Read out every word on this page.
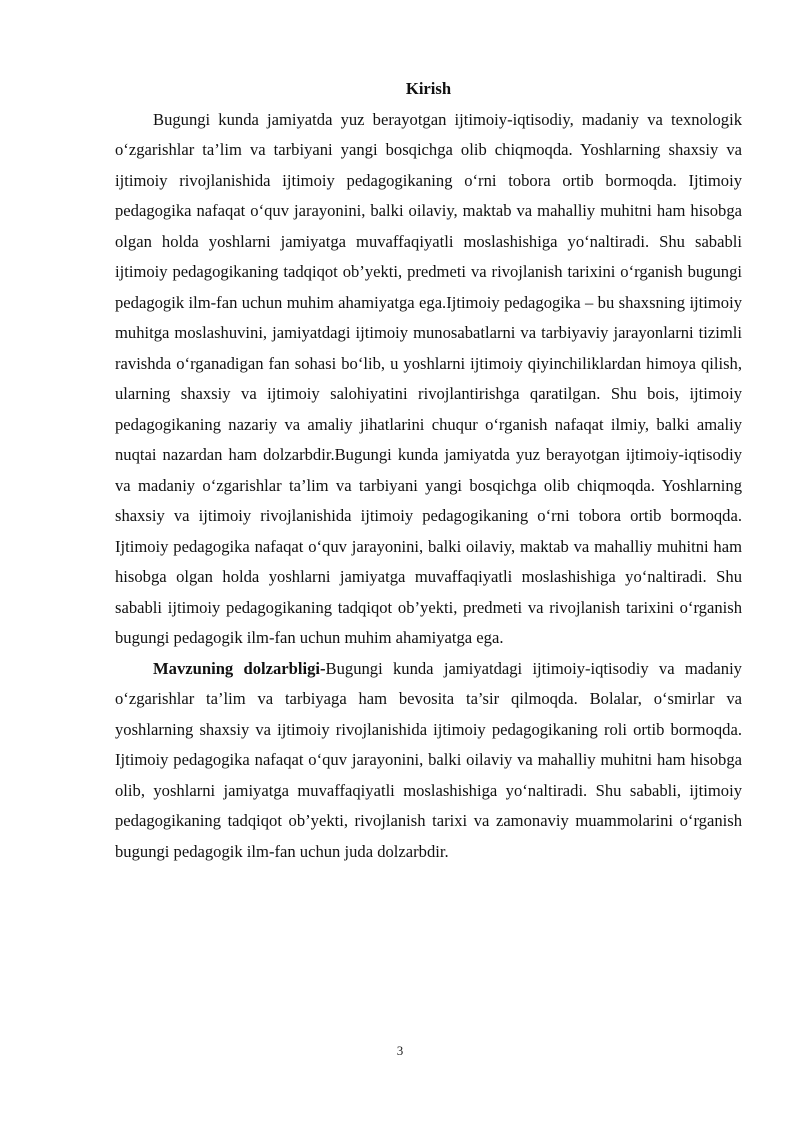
Kirish

Bugungi kunda jamiyatda yuz berayotgan ijtimoiy-iqtisodiy, madaniy va texnologik o‘zgarishlar ta’lim va tarbiyani yangi bosqichga olib chiqmoqda. Yoshlarning shaxsiy va ijtimoiy rivojlanishida ijtimoiy pedagogikaning o‘rni tobora ortib bormoqda. Ijtimoiy pedagogika nafaqat o‘quv jarayonini, balki oilaviy, maktab va mahalliy muhitni ham hisobga olgan holda yoshlarni jamiyatga muvaffaqiyatli moslashishiga yo‘naltiradi. Shu sababli ijtimoiy pedagogikaning tadqiqot ob’yekti, predmeti va rivojlanish tarixini o‘rganish bugungi pedagogik ilm-fan uchun muhim ahamiyatga ega.Ijtimoiy pedagogika – bu shaxsning ijtimoiy muhitga moslashuvini, jamiyatdagi ijtimoiy munosabatlarni va tarbiyaviy jarayonlarni tizimli ravishda o‘rganadigan fan sohasi bo‘lib, u yoshlarni ijtimoiy qiyinchiliklardan himoya qilish, ularning shaxsiy va ijtimoiy salohiyatini rivojlantirishga qaratilgan. Shu bois, ijtimoiy pedagogikaning nazariy va amaliy jihatlarini chuqur o‘rganish nafaqat ilmiy, balki amaliy nuqtai nazardan ham dolzarbdir.Bugungi kunda jamiyatda yuz berayotgan ijtimoiy-iqtisodiy va madaniy o‘zgarishlar ta’lim va tarbiyani yangi bosqichga olib chiqmoqda. Yoshlarning shaxsiy va ijtimoiy rivojlanishida ijtimoiy pedagogikaning o‘rni tobora ortib bormoqda. Ijtimoiy pedagogika nafaqat o‘quv jarayonini, balki oilaviy, maktab va mahalliy muhitni ham hisobga olgan holda yoshlarni jamiyatga muvaffaqiyatli moslashishiga yo‘naltiradi. Shu sababli ijtimoiy pedagogikaning tadqiqot ob’yekti, predmeti va rivojlanish tarixini o‘rganish bugungi pedagogik ilm-fan uchun muhim ahamiyatga ega.

Mavzuning dolzarbligi-Bugungi kunda jamiyatdagi ijtimoiy-iqtisodiy va madaniy o‘zgarishlar ta’lim va tarbiyaga ham bevosita ta’sir qilmoqda. Bolalar, o‘smirlar va yoshlarning shaxsiy va ijtimoiy rivojlanishida ijtimoiy pedagogikaning roli ortib bormoqda. Ijtimoiy pedagogika nafaqat o‘quv jarayonini, balki oilaviy va mahalliy muhitni ham hisobga olib, yoshlarni jamiyatga muvaffaqiyatli moslashishiga yo‘naltiradi. Shu sababli, ijtimoiy pedagogikaning tadqiqot ob’yekti, rivojlanish tarixi va zamonaviy muammolarini o‘rganish bugungi pedagogik ilm-fan uchun juda dolzarbdir.

3
